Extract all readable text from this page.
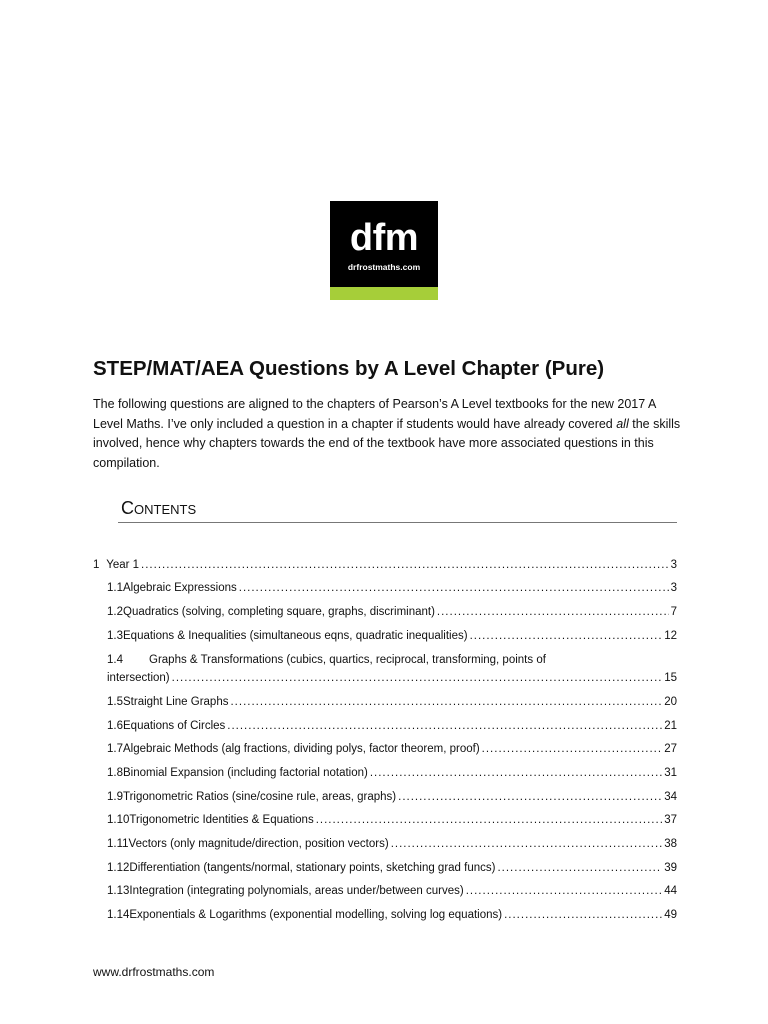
dfm
drfrostmaths.com
STEP/MAT/AEA Questions by A Level Chapter (Pure)
The following questions are aligned to the chapters of Pearson’s A Level textbooks for the new 2017 A Level Maths. I’ve only included a question in a chapter if students would have already covered all the skills involved, hence why chapters towards the end of the textbook have more associated questions in this compilation.
Contents
1 Year 1 .....	3
1.1 Algebraic Expressions .....	3
1.2 Quadratics (solving, completing square, graphs, discriminant) .....	7
1.3 Equations & Inequalities (simultaneous eqns, quadratic inequalities) .....	12
1.4	Graphs & Transformations (cubics, quartics, reciprocal, transforming, points of
intersection) .....	15
1.5 Straight Line Graphs .....	20
1.6 Equations of Circles .....	21
1.7 Algebraic Methods (alg fractions, dividing polys, factor theorem, proof) .....	27
1.8 Binomial Expansion (including factorial notation) .....	31
1.9 Trigonometric Ratios (sine/cosine rule, areas, graphs) .....	34
1.10 Trigonometric Identities & Equations .....	37
1.11 Vectors (only magnitude/direction, position vectors) .....	38
1.12 Differentiation (tangents/normal, stationary points, sketching grad funcs) .....	39
1.13 Integration (integrating polynomials, areas under/between curves) .....	44
1.14 Exponentials & Logarithms (exponential modelling, solving log equations) .....	49
www.drfrostmaths.com
